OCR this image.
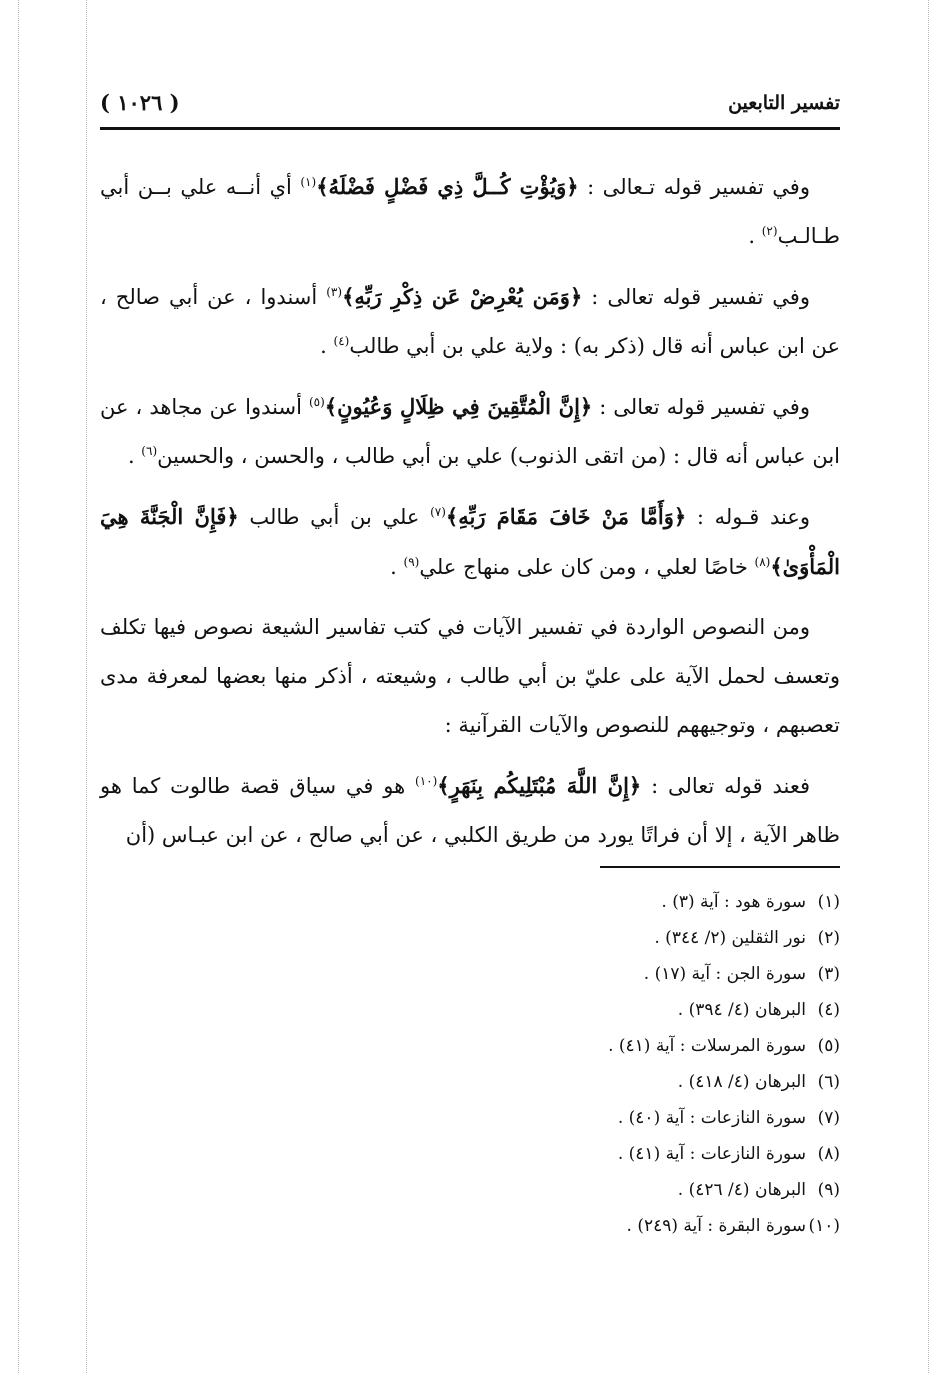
تفسير التابعين
( ١٠٢٦ )

وفي تفسير قوله تـعالى : ﴿وَيُؤْتِ كُــلَّ ذِي فَضْلٍ فَضْلَهُ﴾$^{(١)}$ أي أنــه علي بــن أبي طـالـب$^{(٢)}$ .

وفي تفسير قوله تعالى : ﴿وَمَن يُعْرِضْ عَن ذِكْرِ رَبِّهِ﴾$^{(٣)}$ أسندوا ، عن أبي صالح ، عن ابن عباس أنه قال (ذكر به) : ولاية علي بن أبي طالب$^{(٤)}$ .

وفي تفسير قوله تعالى : ﴿إِنَّ الْمُتَّقِينَ فِي ظِلَالٍ وَعُيُونٍ﴾$^{(٥)}$ أسندوا عن مجاهد ، عن ابن عباس أنه قال : (من اتقى الذنوب) علي بن أبي طالب ، والحسن ، والحسين$^{(٦)}$ .

وعند قـوله : ﴿وَأَمَّا مَنْ خَافَ مَقَامَ رَبِّهِ﴾$^{(٧)}$ علي بن أبي طالب ﴿فَإِنَّ الْجَنَّةَ هِيَ الْمَأْوَىٰ﴾$^{(٨)}$ خاصًا لعلي ، ومن كان على منهاج علي$^{(٩)}$ .

ومن النصوص الواردة في تفسير الآيات في كتب تفاسير الشيعة نصوص فيها تكلف وتعسف لحمل الآية على عليّ بن أبي طالب ، وشيعته ، أذكر منها بعضها لمعرفة مدى تعصبهم ، وتوجيههم للنصوص والآيات القرآنية :

فعند قوله تعالى : ﴿إِنَّ اللَّهَ مُبْتَلِيكُم بِنَهَرٍ﴾$^{(١٠)}$ هو في سياق قصة طالوت كما هو ظاهر الآية ، إلا أن فراتًا يورد من طريق الكلبي ، عن أبي صالح ، عن ابن عبـاس (أن

(١)سورة هود : آية (٣) .
(٢)نور الثقلين (٢/ ٣٤٤) .
(٣)سورة الجن : آية (١٧) .
(٤)البرهان (٤/ ٣٩٤) .
(٥)سورة المرسلات : آية (٤١) .
(٦)البرهان (٤/ ٤١٨) .
(٧)سورة النازعات : آية (٤٠) .
(٨)سورة النازعات : آية (٤١) .
(٩)البرهان (٤/ ٤٢٦) .
(١٠)سورة البقرة : آية (٢٤٩) .
